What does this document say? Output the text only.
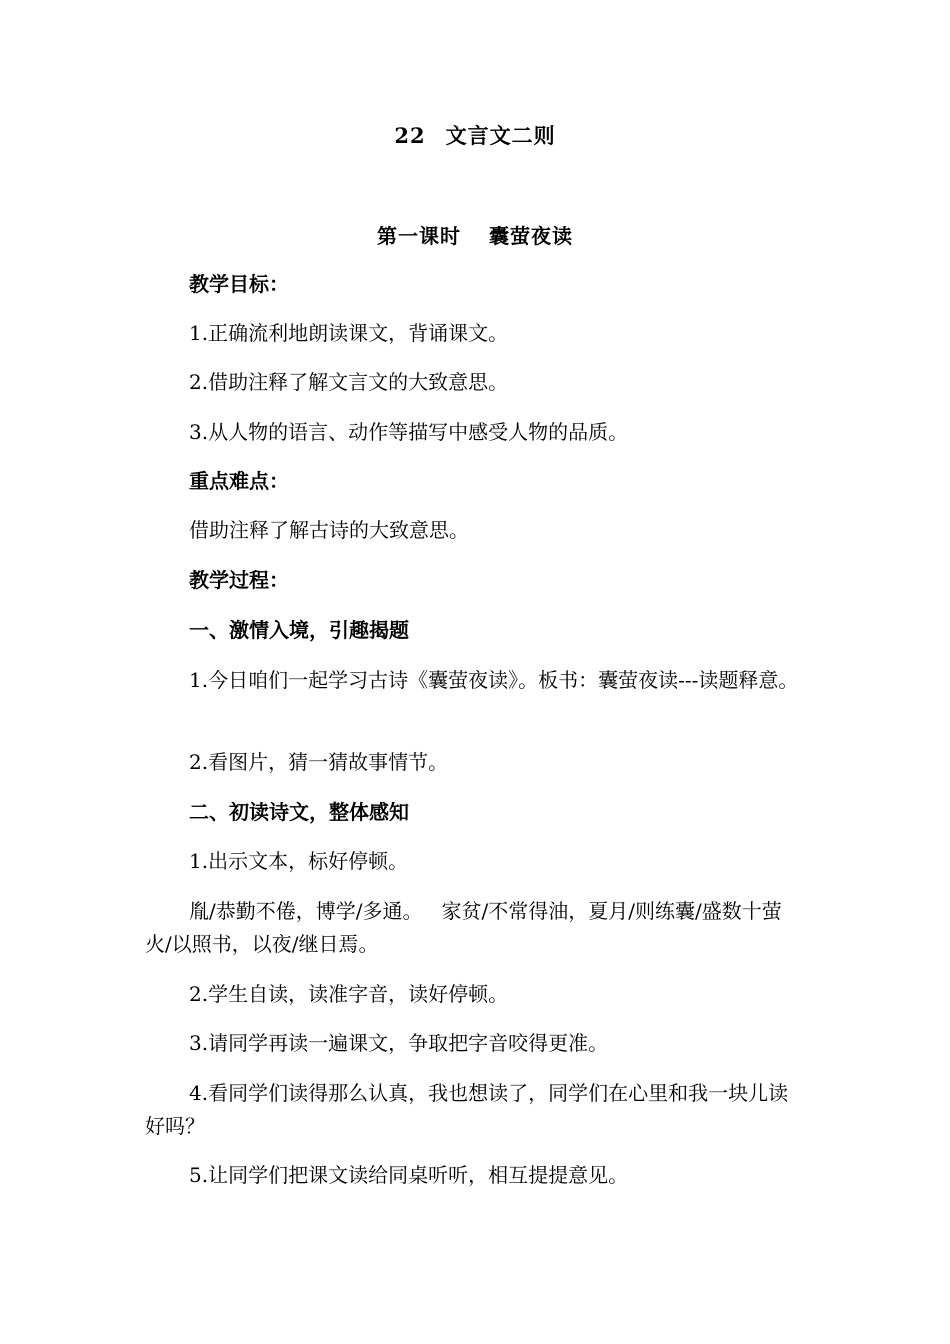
22 文言文二则
第一课时 囊萤夜读
教学目标：
1.正确流利地朗读课文，背诵课文。
2.借助注释了解文言文的大致意思。
3.从人物的语言、动作等描写中感受人物的品质。
重点难点：
借助注释了解古诗的大致意思。
教学过程：
一、激情入境，引趣揭题
1.今日咱们一起学习古诗《囊萤夜读》。板书：囊萤夜读---读题释意。
2.看图片，猜一猜故事情节。
二、初读诗文，整体感知
1.出示文本，标好停顿。
胤/恭勤不倦，博学/多通。   家贫/不常得油，夏月/则练囊/盛数十萤火/以照书，以夜/继日焉。
2.学生自读，读准字音，读好停顿。
3.请同学再读一遍课文，争取把字音咬得更准。
4.看同学们读得那么认真，我也想读了，同学们在心里和我一块儿读好吗？
5.让同学们把课文读给同桌听听，相互提提意见。
